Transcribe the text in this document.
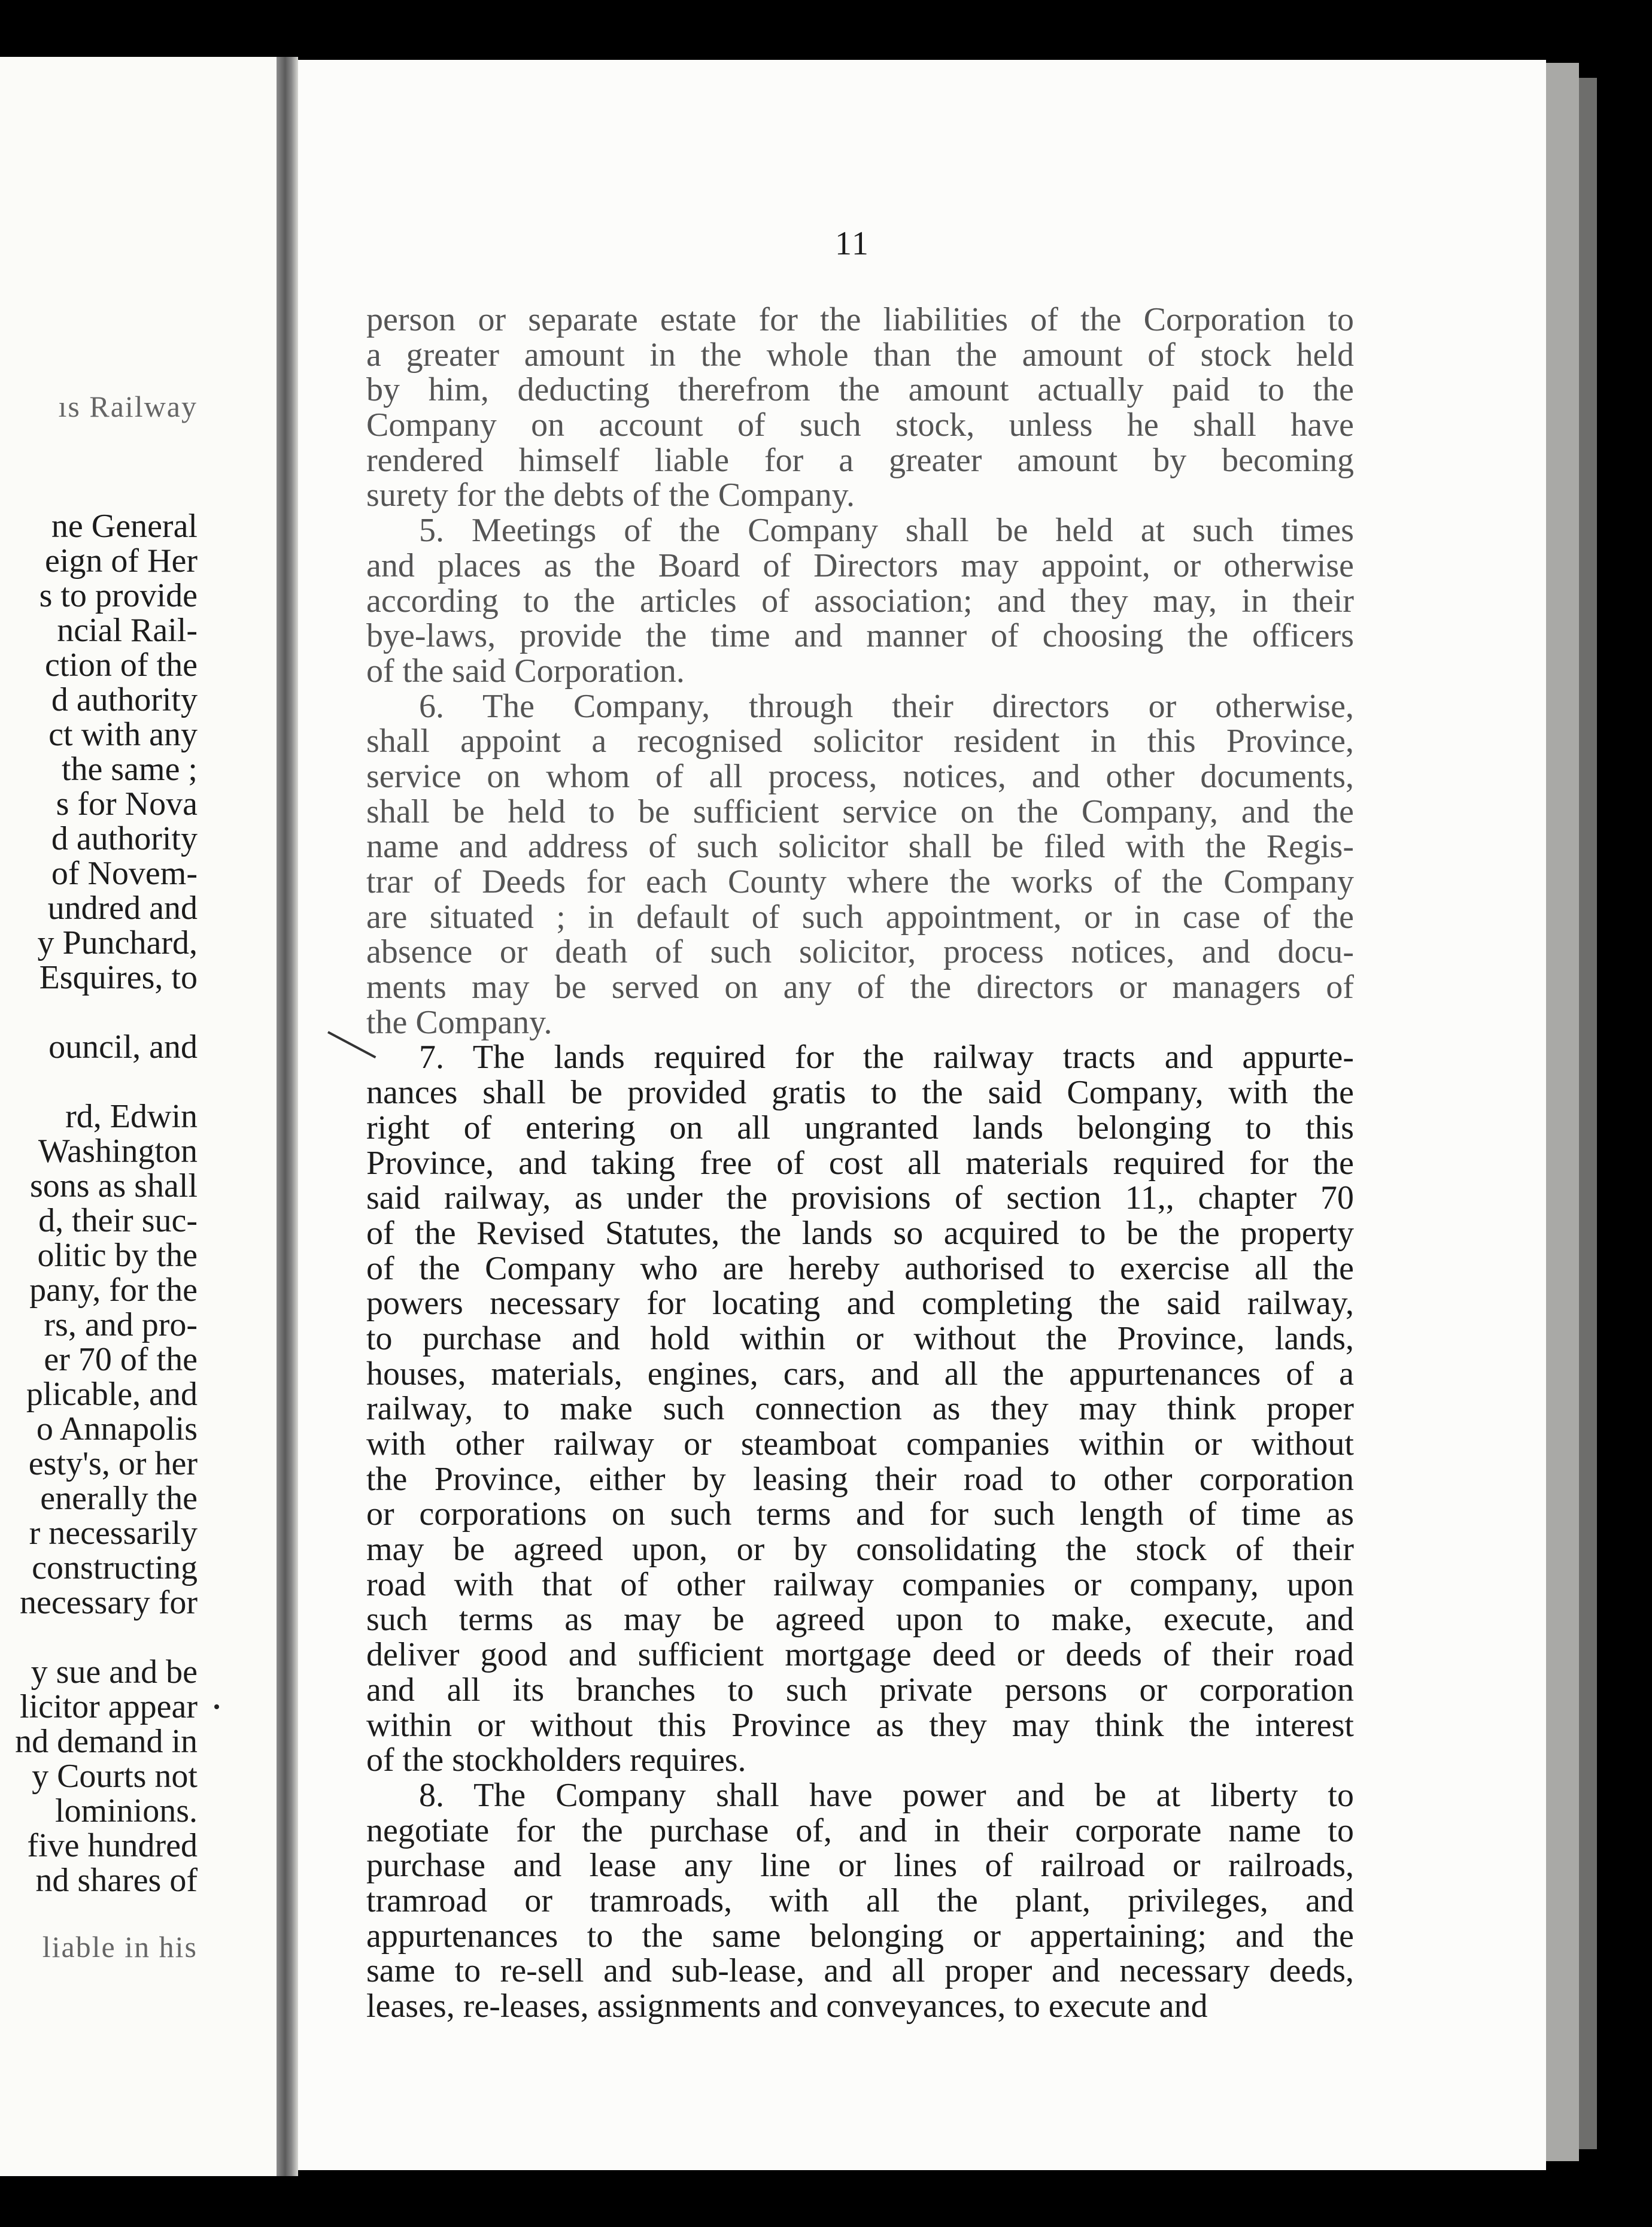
ıs Railway
ne General
eign of Her
s to provide
ncial Rail-
ction of the
d authority
ct with any
the same ;
s for Nova
d authority
of Novem-
undred and
y Punchard,
Esquires, to
ouncil, and
rd, Edwin
Washington
sons as shall
d, their suc-
olitic by the
pany, for the
rs, and pro-
er 70 of the
plicable, and
o Annapolis
esty's, or her
enerally the
r necessarily
constructing
necessary for
y sue and be
licitor appear
nd demand in
y Courts not
lominions.
five hundred
nd shares of
liable in his
11
person or separate estate for the liabilities of the Corporation to
a greater amount in the whole than the amount of stock held
by him, deducting therefrom the amount actually paid to the
Company on account of such stock, unless he shall have
rendered himself liable for a greater amount by becoming
surety for the debts of the Company.
5. Meetings of the Company shall be held at such times
and places as the Board of Directors may appoint, or otherwise
according to the articles of association; and they may, in their
bye-laws, provide the time and manner of choosing the officers
of the said Corporation.
6. The Company, through their directors or otherwise,
shall appoint a recognised solicitor resident in this Province,
service on whom of all process, notices, and other documents,
shall be held to be sufficient service on the Company, and the
name and address of such solicitor shall be filed with the Regis-
trar of Deeds for each County where the works of the Company
are situated ; in default of such appointment, or in case of the
absence or death of such solicitor, process notices, and docu-
ments may be served on any of the directors or managers of
the Company.
7. The lands required for the railway tracts and appurte-
nances shall be provided gratis to the said Company, with the
right of entering on all ungranted lands belonging to this
Province, and taking free of cost all materials required for the
said railway, as under the provisions of section 11,, chapter 70
of the Revised Statutes, the lands so acquired to be the property
of the Company who are hereby authorised to exercise all the
powers necessary for locating and completing the said railway,
to purchase and hold within or without the Province, lands,
houses, materials, engines, cars, and all the appurtenances of a
railway, to make such connection as they may think proper
with other railway or steamboat companies within or without
the Province, either by leasing their road to other corporation
or corporations on such terms and for such length of time as
may be agreed upon, or by consolidating the stock of their
road with that of other railway companies or company, upon
such terms as may be agreed upon to make, execute, and
deliver good and sufficient mortgage deed or deeds of their road
and all its branches to such private persons or corporation
within or without this Province as they may think the interest
of the stockholders requires.
8. The Company shall have power and be at liberty to
negotiate for the purchase of, and in their corporate name to
purchase and lease any line or lines of railroad or railroads,
tramroad or tramroads, with all the plant, privileges, and
appurtenances to the same belonging or appertaining; and the
same to re-sell and sub-lease, and all proper and necessary deeds,
leases, re-leases, assignments and conveyances, to execute and
